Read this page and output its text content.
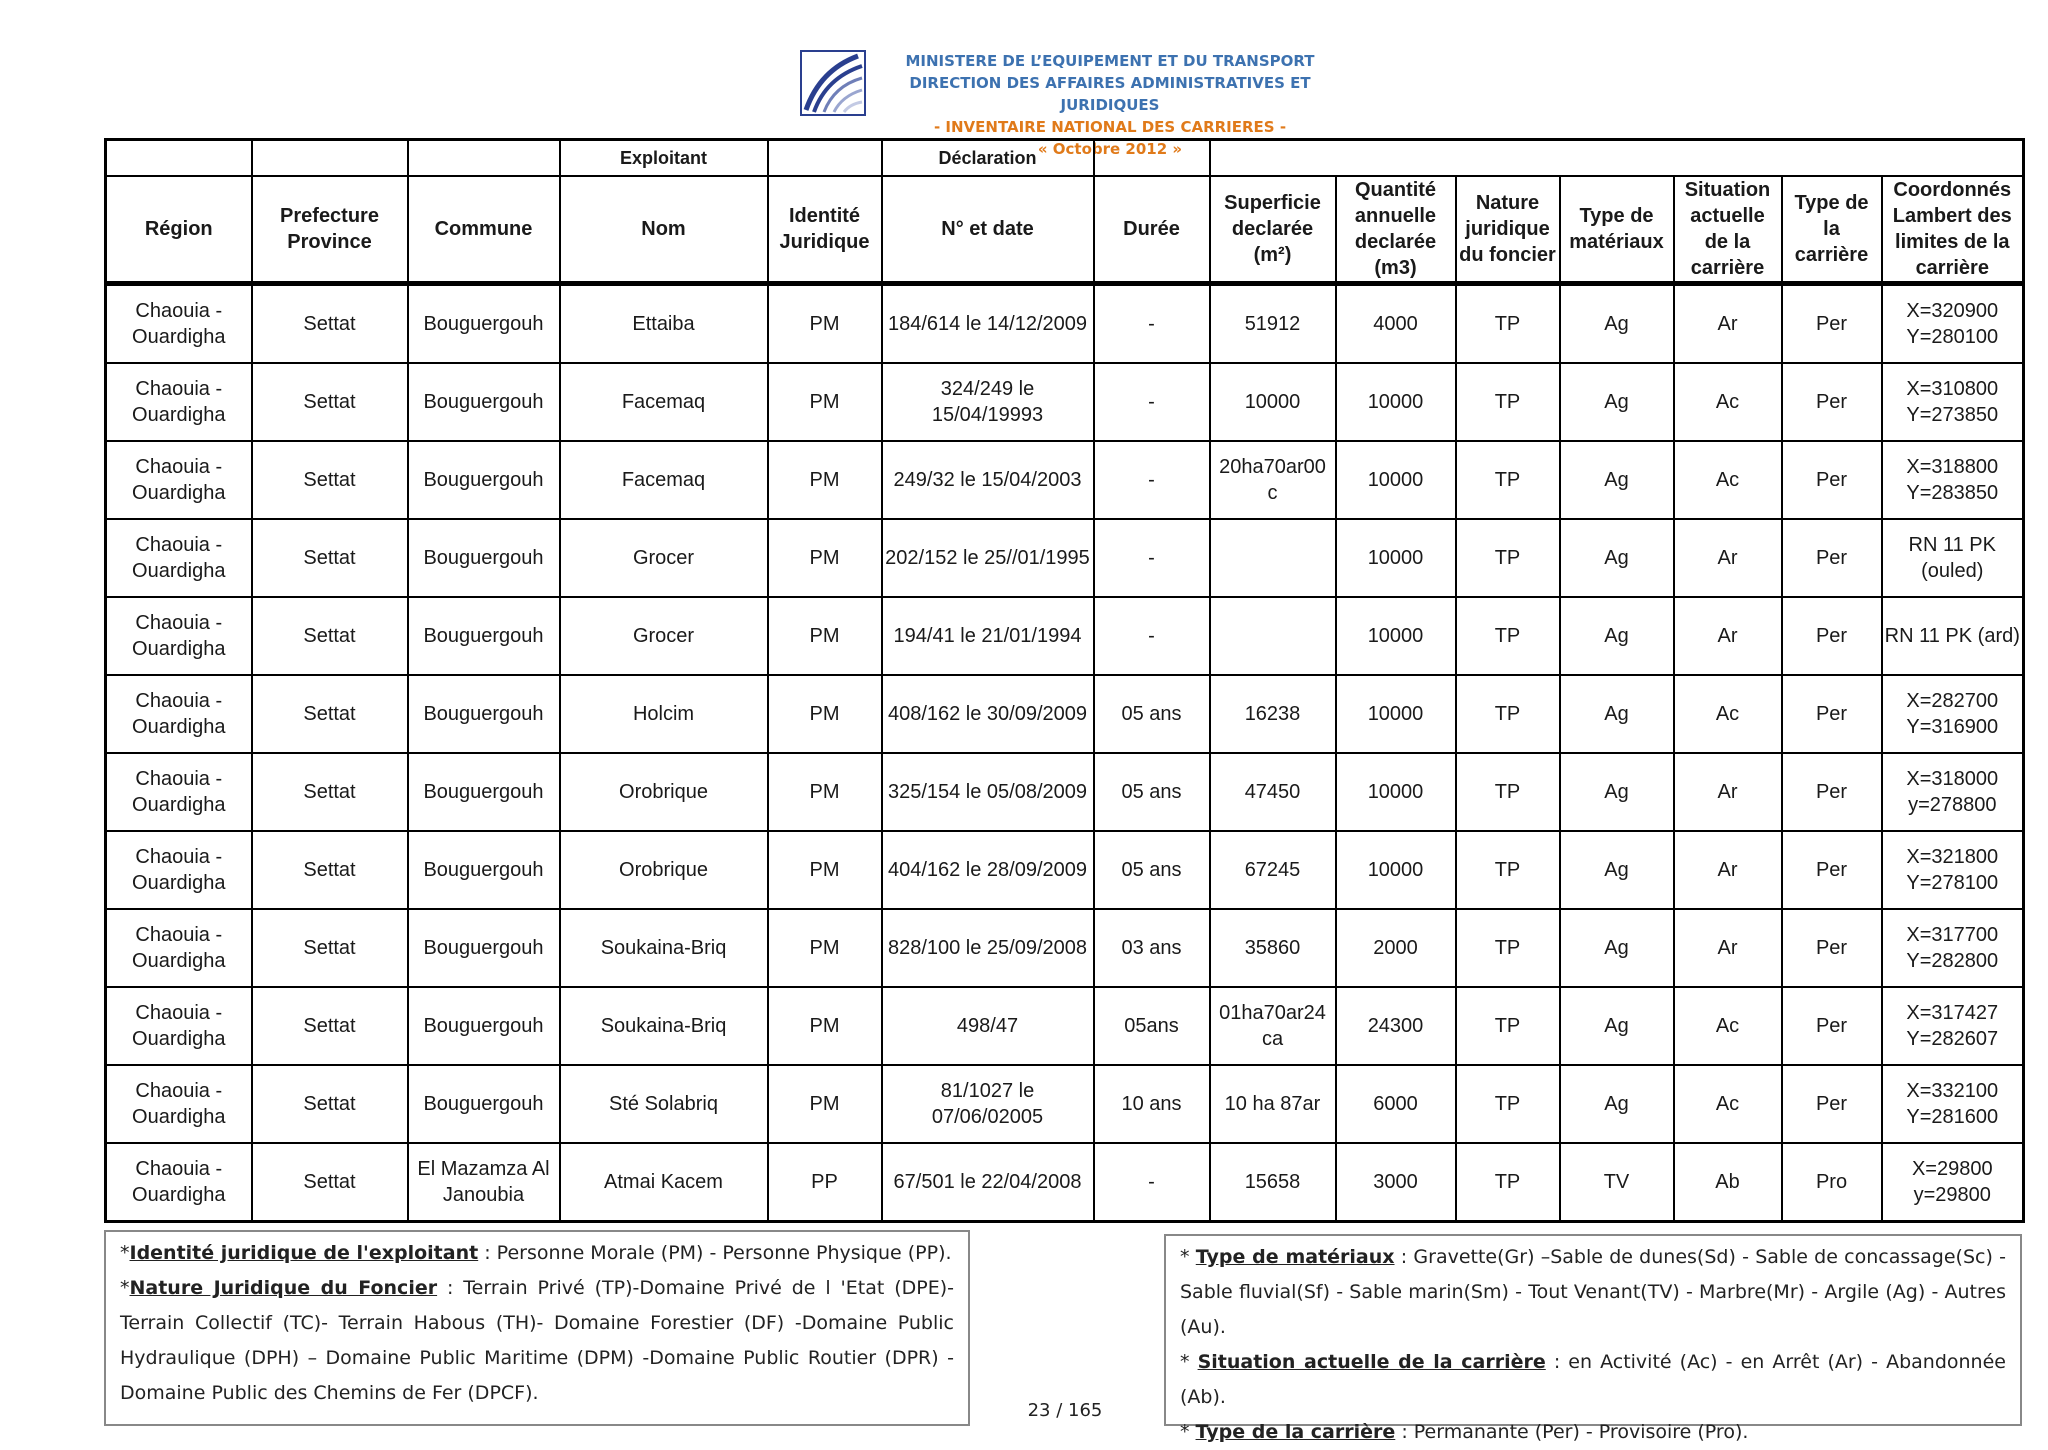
MINISTERE DE L’EQUIPEMENT ET DU TRANSPORT
DIRECTION DES AFFAIRES ADMINISTRATIVES ET JURIDIQUES
- INVENTAIRE NATIONAL DES CARRIERES -
« Octobre 2012 »
			Exploitant		Déclaration								
Région	Prefecture Province	Commune	Nom	Identité Juridique	N° et date	Durée	Superficie declarée (m²)	Quantité annuelle declarée (m3)	Nature juridique du foncier	Type de matériaux	Situation actuelle de la carrière	Type de la carrière	Coordonnés Lambert des limites de la carrière
Chaouia - Ouardigha	Settat	Bouguergouh	Ettaiba	PM	184/614 le 14/12/2009	-	51912	4000	TP	Ag	Ar	Per	X=320900 Y=280100
Chaouia - Ouardigha	Settat	Bouguergouh	Facemaq	PM	324/249 le 15/04/19993	-	10000	10000	TP	Ag	Ac	Per	X=310800 Y=273850
Chaouia - Ouardigha	Settat	Bouguergouh	Facemaq	PM	249/32 le 15/04/2003	-	20ha70ar00 c	10000	TP	Ag	Ac	Per	X=318800 Y=283850
Chaouia - Ouardigha	Settat	Bouguergouh	Grocer	PM	202/152 le 25//01/1995	-		10000	TP	Ag	Ar	Per	RN 11 PK (ouled)
Chaouia - Ouardigha	Settat	Bouguergouh	Grocer	PM	194/41 le 21/01/1994	-		10000	TP	Ag	Ar	Per	RN 11 PK (ard)
Chaouia - Ouardigha	Settat	Bouguergouh	Holcim	PM	408/162 le 30/09/2009	05 ans	16238	10000	TP	Ag	Ac	Per	X=282700 Y=316900
Chaouia - Ouardigha	Settat	Bouguergouh	Orobrique	PM	325/154 le 05/08/2009	05 ans	47450	10000	TP	Ag	Ar	Per	X=318000 y=278800
Chaouia - Ouardigha	Settat	Bouguergouh	Orobrique	PM	404/162 le 28/09/2009	05 ans	67245	10000	TP	Ag	Ar	Per	X=321800 Y=278100
Chaouia - Ouardigha	Settat	Bouguergouh	Soukaina-Briq	PM	828/100 le 25/09/2008	03 ans	35860	2000	TP	Ag	Ar	Per	X=317700 Y=282800
Chaouia - Ouardigha	Settat	Bouguergouh	Soukaina-Briq	PM	498/47	05ans	01ha70ar24 ca	24300	TP	Ag	Ac	Per	X=317427 Y=282607
Chaouia - Ouardigha	Settat	Bouguergouh	Sté Solabriq	PM	81/1027 le 07/06/02005	10 ans	10 ha 87ar	6000	TP	Ag	Ac	Per	X=332100 Y=281600
Chaouia - Ouardigha	Settat	El Mazamza Al Janoubia	Atmai Kacem	PP	67/501 le 22/04/2008	-	15658	3000	TP	TV	Ab	Pro	X=29800 y=29800

*Identité juridique de l'exploitant : Personne Morale (PM) - Personne Physique (PP).

*Nature Juridique du Foncier : Terrain Privé (TP)-Domaine Privé de l 'Etat (DPE)- Terrain Collectif (TC)- Terrain Habous (TH)- Domaine Forestier (DF) -Domaine Public Hydraulique (DPH) – Domaine Public Maritime (DPM) -Domaine Public Routier (DPR) - Domaine Public des Chemins de Fer (DPCF).

* Type de matériaux : Gravette(Gr) –Sable de dunes(Sd) - Sable de concassage(Sc) - Sable fluvial(Sf) - Sable marin(Sm) - Tout Venant(TV) - Marbre(Mr) - Argile (Ag) - Autres (Au).

* Situation actuelle de la carrière : en Activité (Ac) - en Arrêt (Ar) - Abandonnée (Ab).

* Type de la carrière : Permanante (Per) - Provisoire (Pro).

23 / 165
